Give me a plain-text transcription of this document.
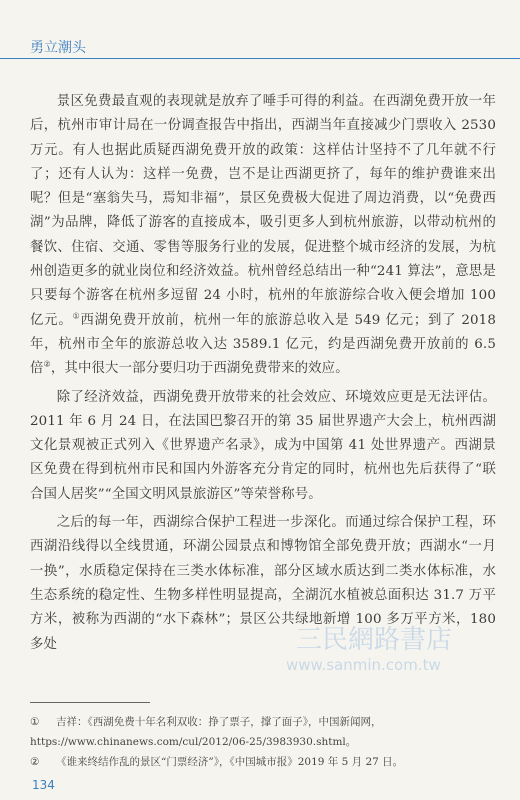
勇立潮头

景区免费最直观的表现就是放弃了唾手可得的利益。在西湖免费开放一年后，杭州市审计局在一份调查报告中指出，西湖当年直接减少门票收入 2530 万元。有人也据此质疑西湖免费开放的政策：这样估计坚持不了几年就不行了；还有人认为：这样一免费，岂不是让西湖更挤了，每年的维护费谁来出呢？但是“塞翁失马，焉知非福”，景区免费极大促进了周边消费，以“免费西湖”为品牌，降低了游客的直接成本，吸引更多人到杭州旅游，以带动杭州的餐饮、住宿、交通、零售等服务行业的发展，促进整个城市经济的发展，为杭州创造更多的就业岗位和经济效益。杭州曾经总结出一种“241 算法”，意思是只要每个游客在杭州多逗留 24 小时，杭州的年旅游综合收入便会增加 100 亿元。①西湖免费开放前，杭州一年的旅游总收入是 549 亿元；到了 2018 年，杭州市全年的旅游总收入达 3589.1 亿元，约是西湖免费开放前的 6.5 倍②，其中很大一部分要归功于西湖免费带来的效应。

除了经济效益，西湖免费开放带来的社会效应、环境效应更是无法评估。2011 年 6 月 24 日，在法国巴黎召开的第 35 届世界遗产大会上，杭州西湖文化景观被正式列入《世界遗产名录》，成为中国第 41 处世界遗产。西湖景区免费在得到杭州市民和国内外游客充分肯定的同时，杭州也先后获得了“联合国人居奖”“全国文明风景旅游区”等荣誉称号。

之后的每一年，西湖综合保护工程进一步深化。而通过综合保护工程，环西湖沿线得以全线贯通，环湖公园景点和博物馆全部免费开放；西湖水“一月一换”，水质稳定保持在三类水体标准，部分区域水质达到二类水体标准，水生态系统的稳定性、生物多样性明显提高，全湖沉水植被总面积达 31.7 万平方米，被称为西湖的“水下森林”；景区公共绿地新增 100 多万平方米，180 多处	三民網路書店
www.sanmin.com.tw
① 吉祥：《西湖免费十年名利双收：挣了票子，撑了面子》，中国新闻网，https://www.chinanews.com/cul/2012/06-25/3983930.shtml。
② 《谁来终结作乱的景区“门票经济”》，《中国城市报》2019 年 5 月 27 日。
134
